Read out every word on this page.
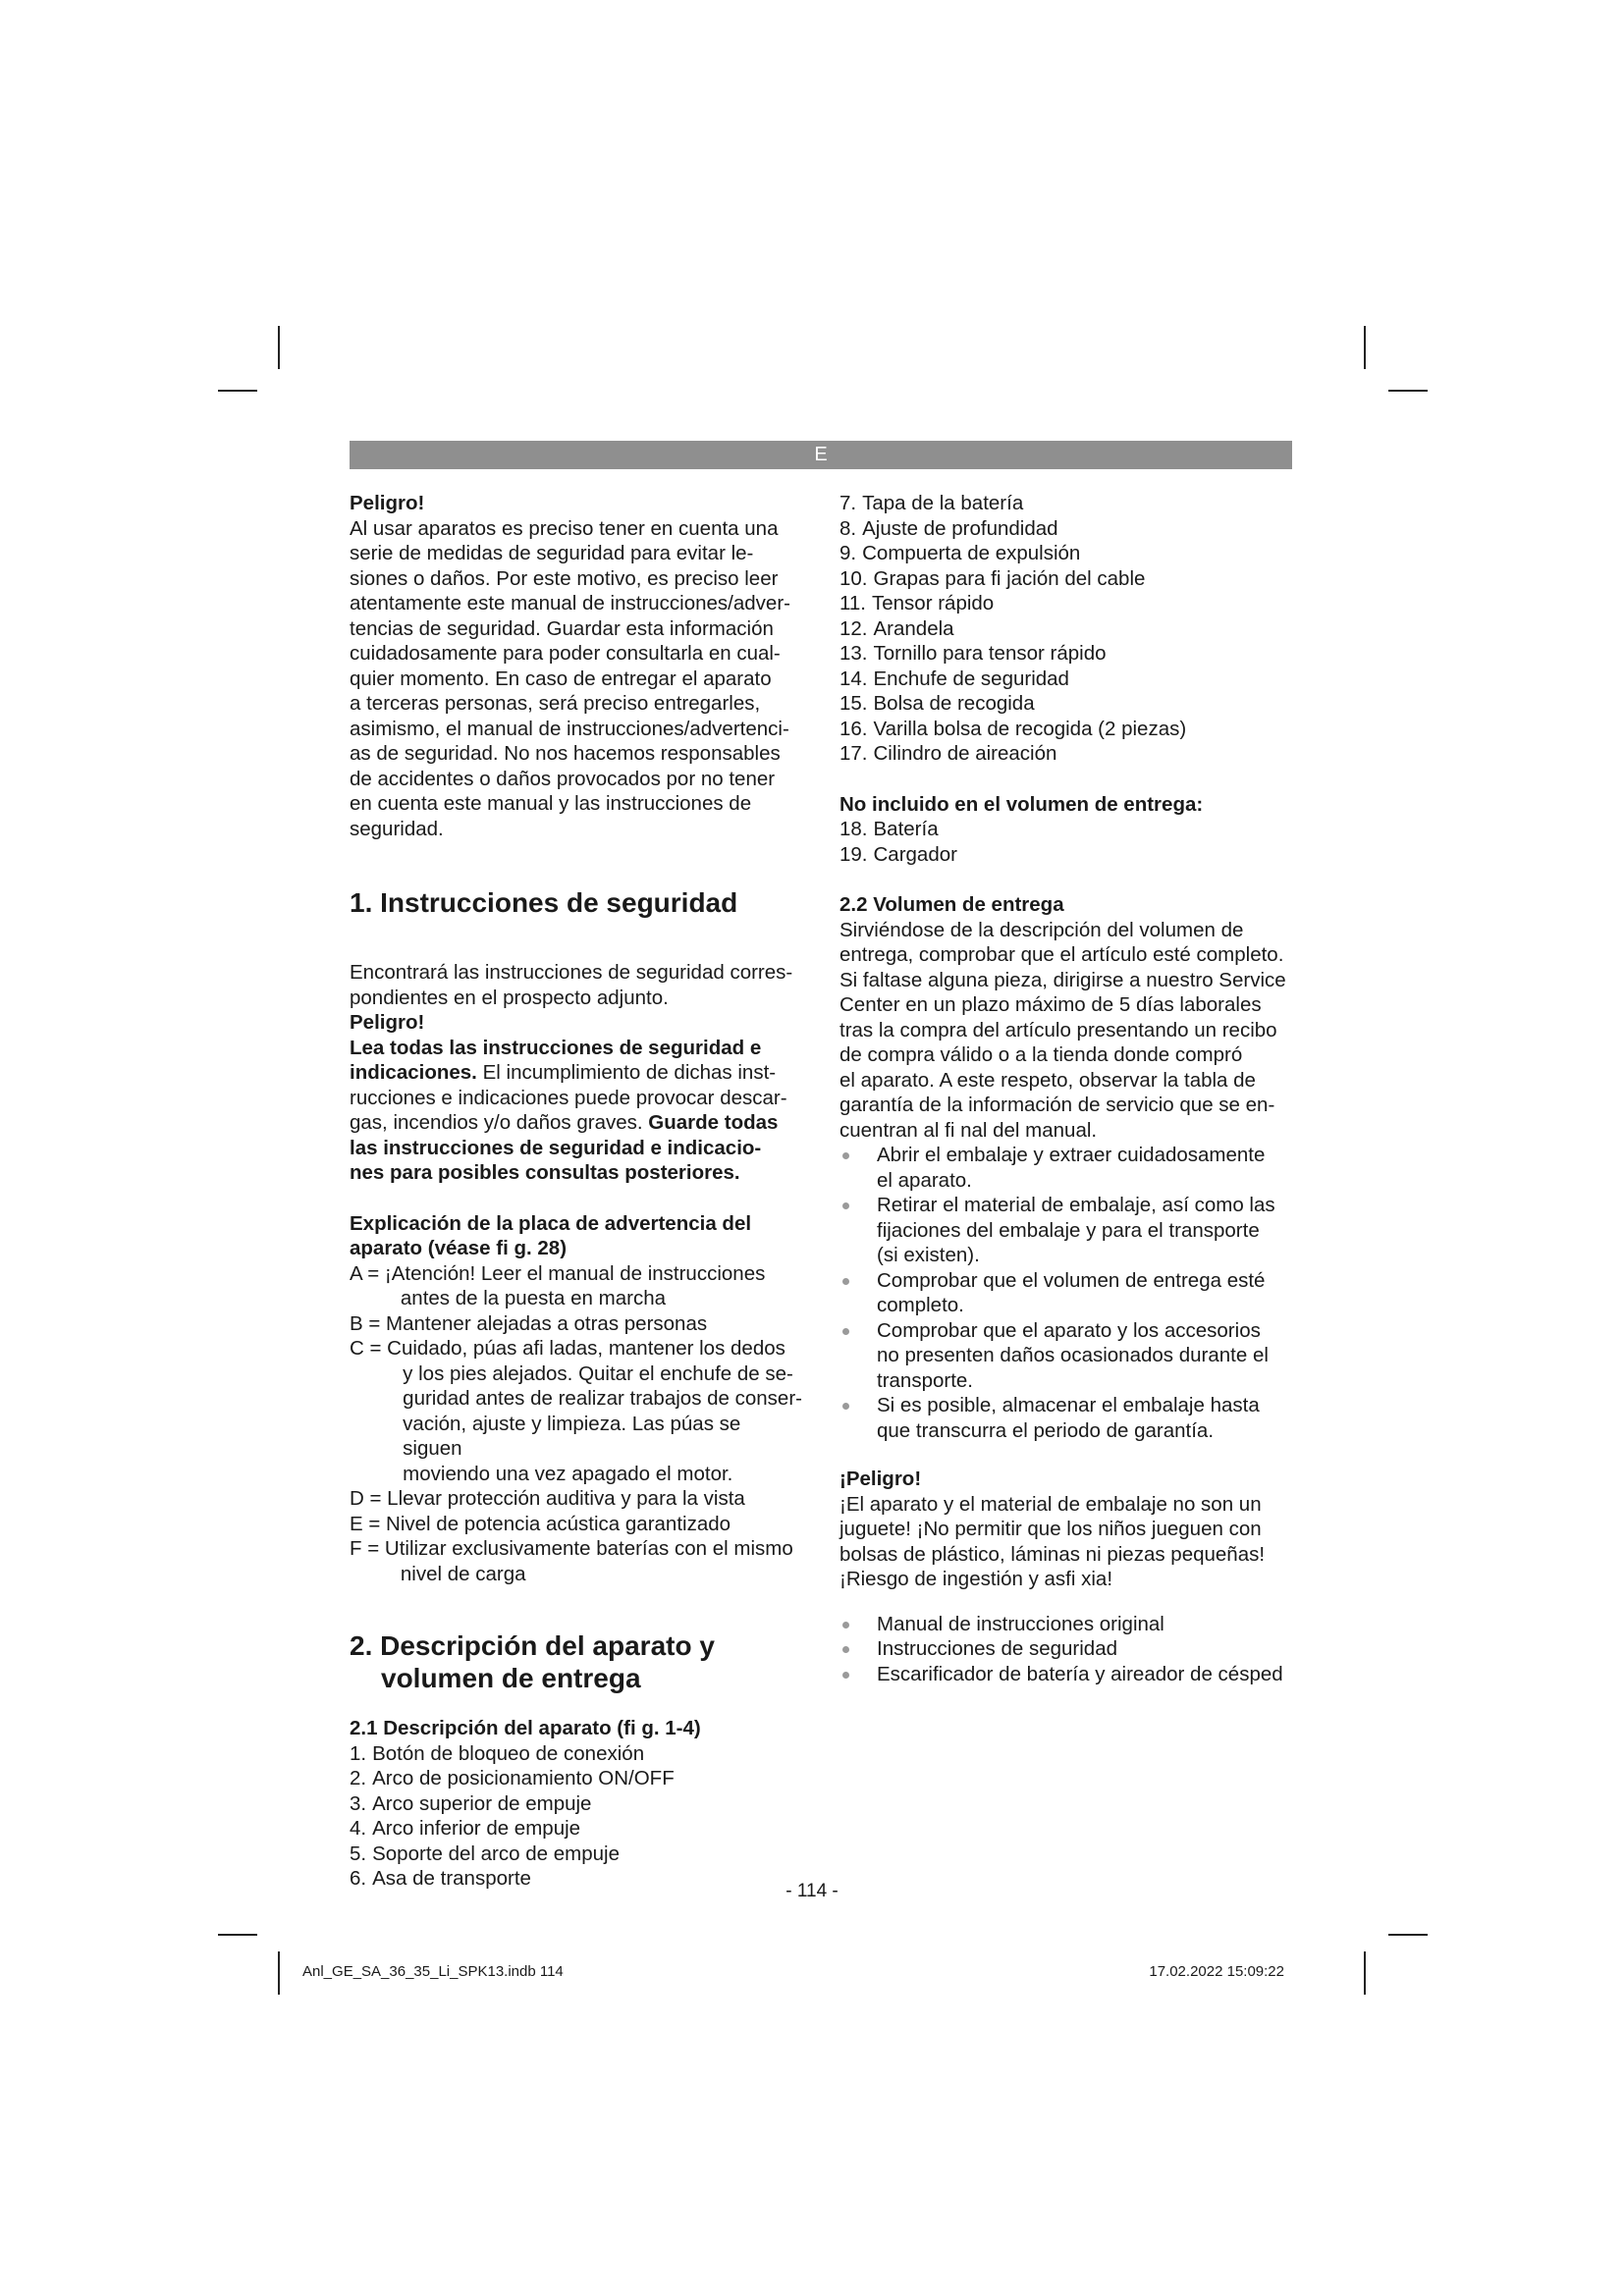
E

Peligro!

Al usar aparatos es preciso tener en cuenta una
serie de medidas de seguridad para evitar le-
siones o daños. Por este motivo, es preciso leer
atentamente este manual de instrucciones/adver-
tencias de seguridad. Guardar esta información
cuidadosamente para poder consultarla en cual-
quier momento. En caso de entregar el aparato
a terceras personas, será preciso entregarles,
asimismo, el manual de instrucciones/advertenci-
as de seguridad. No nos hacemos responsables
de accidentes o daños provocados por no tener
en cuenta este manual y las instrucciones de
seguridad.
1. Instrucciones de seguridad
Encontrará las instrucciones de seguridad corres-
pondientes en el prospecto adjunto.

Peligro!

Lea todas las instrucciones de seguridad e
indicaciones. El incumplimiento de dichas inst-
rucciones e indicaciones puede provocar descar-
gas, incendios y/o daños graves. Guarde todas
las instrucciones de seguridad e indicacio-
nes para posibles consultas posteriores.
Explicación de la placa de advertencia del
aparato (véase fi g. 28)
A = ¡Atención! Leer el manual de instrucciones
antes de la puesta en marcha
B = Mantener alejadas a otras personas
C = Cuidado, púas afi ladas, mantener los dedos
y los pies alejados. Quitar el enchufe de se-
guridad antes de realizar trabajos de conser-
vación, ajuste y limpieza. Las púas se siguen
moviendo una vez apagado el motor.
D = Llevar protección auditiva y para la vista
E = Nivel de potencia acústica garantizado
F = Utilizar exclusivamente baterías con el mismo
nivel de carga
2. Descripción del aparato y
volumen de entrega

2.1 Descripción del aparato (fi g. 1-4)

1. Botón de bloqueo de conexión
2. Arco de posicionamiento ON/OFF
3. Arco superior de empuje
4. Arco inferior de empuje
5. Soporte del arco de empuje
6. Asa de transporte
7. Tapa de la batería
8. Ajuste de profundidad
9. Compuerta de expulsión
10. Grapas para fi jación del cable
11. Tensor rápido
12. Arandela
13. Tornillo para tensor rápido
14. Enchufe de seguridad
15. Bolsa de recogida
16. Varilla bolsa de recogida (2 piezas)
17. Cilindro de aireación

No incluido en el volumen de entrega:

18. Batería
19. Cargador

2.2 Volumen de entrega

Sirviéndose de la descripción del volumen de
entrega, comprobar que el artículo esté completo.
Si faltase alguna pieza, dirigirse a nuestro Service
Center en un plazo máximo de 5 días laborales
tras la compra del artículo presentando un recibo
de compra válido o a la tienda donde compró
el aparato. A este respeto, observar la tabla de
garantía de la información de servicio que se en-
cuentran al fi nal del manual.
Abrir el embalaje y extraer cuidadosamente
el aparato.
Retirar el material de embalaje, así como las
fijaciones del embalaje y para el transporte
(si existen).
Comprobar que el volumen de entrega esté
completo.
Comprobar que el aparato y los accesorios
no presenten daños ocasionados durante el
transporte.
Si es posible, almacenar el embalaje hasta
que transcurra el periodo de garantía.

¡Peligro!

¡El aparato y el material de embalaje no son un
juguete! ¡No permitir que los niños jueguen con
bolsas de plástico, láminas ni piezas pequeñas!
¡Riesgo de ingestión y asfi xia!
Manual de instrucciones original
Instrucciones de seguridad
Escarificador de batería y aireador de césped
- 114 -
Anl_GE_SA_36_35_Li_SPK13.indb 114	17.02.2022 15:09:22
